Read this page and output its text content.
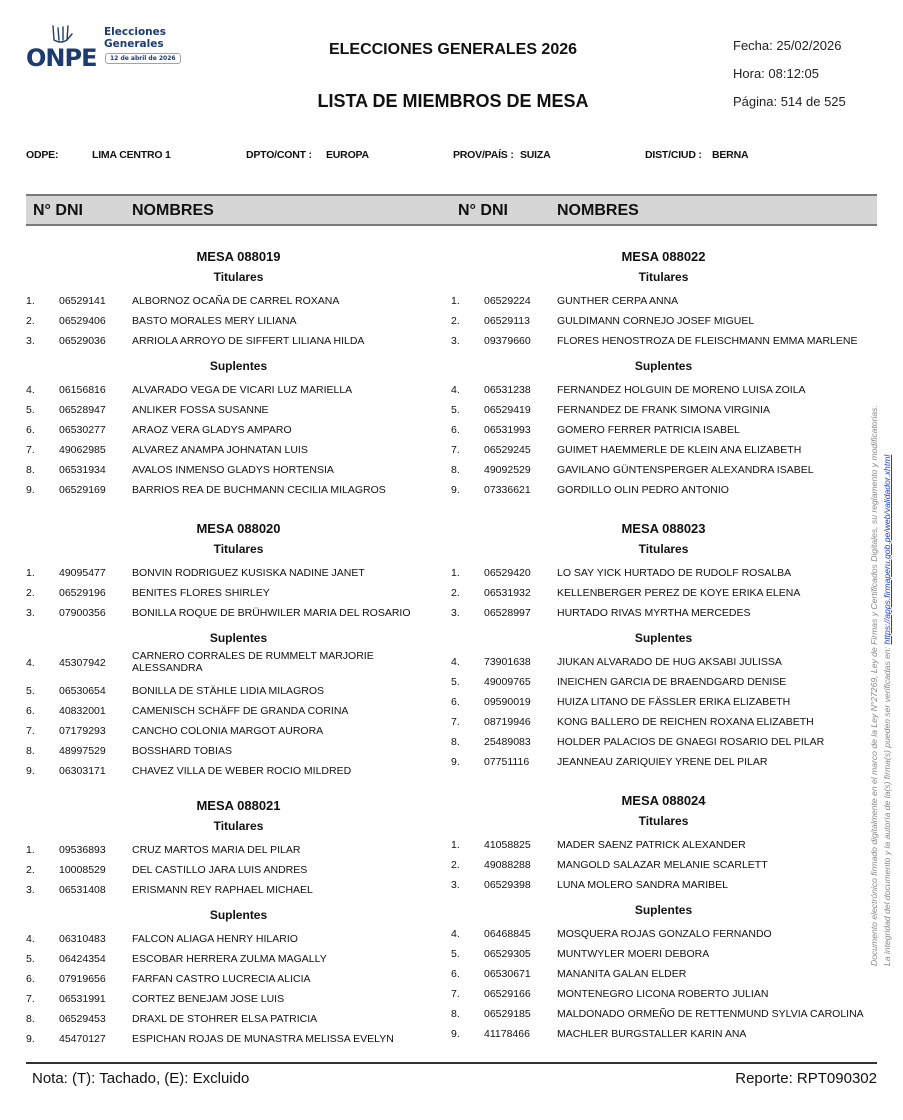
ONPE
Elecciones
Generales
12 de abril de 2026
ELECCIONES GENERALES 2026
LISTA DE MIEMBROS DE MESA
Fecha: 25/02/2026
Hora: 08:12:05
Página: 514 de 525
ODPE:	LIMA CENTRO 1	DPTO/CONT : EUROPA	PROV/PAÍS : SUIZA	DIST/CIUD : BERNA
N° DNI	NOMBRES	N° DNI	NOMBRES
MESA 088019
Titulares
1. 06529141	ALBORNOZ OCAÑA DE CARREL ROXANA
2. 06529406	BASTO MORALES MERY LILIANA
3. 06529036	ARRIOLA ARROYO DE SIFFERT LILIANA HILDA
Suplentes
4. 06156816	ALVARADO VEGA DE VICARI LUZ MARIELLA
5. 06528947	ANLIKER FOSSA SUSANNE
6. 06530277	ARAOZ VERA GLADYS AMPARO
7. 49062985	ALVAREZ ANAMPA JOHNATAN LUIS
8. 06531934	AVALOS INMENSO GLADYS HORTENSIA
9. 06529169	BARRIOS REA DE BUCHMANN CECILIA MILAGROS
MESA 088020
Titulares
1. 49095477	BONVIN RODRIGUEZ KUSISKA NADINE JANET
2. 06529196	BENITES FLORES SHIRLEY
3. 07900356	BONILLA ROQUE DE BRÜHWILER MARIA DEL ROSARIO
Suplentes
4. 45307942
CARNERO CORRALES DE RUMMELT MARJORIE ALESSANDRA
5. 06530654	BONILLA DE STÄHLE LIDIA MILAGROS
6. 40832001	CAMENISCH SCHÄFF DE GRANDA CORINA
7. 07179293	CANCHO COLONIA MARGOT AURORA
8. 48997529	BOSSHARD TOBIAS
9. 06303171	CHAVEZ VILLA DE WEBER ROCIO MILDRED
MESA 088021
Titulares
1. 09536893	CRUZ MARTOS MARIA DEL PILAR
2. 10008529	DEL CASTILLO JARA LUIS ANDRES
3. 06531408	ERISMANN REY RAPHAEL MICHAEL
Suplentes
4. 06310483	FALCON ALIAGA HENRY HILARIO
5. 06424354	ESCOBAR HERRERA ZULMA MAGALLY
6. 07919656	FARFAN CASTRO LUCRECIA ALICIA
7. 06531991	CORTEZ BENEJAM JOSE LUIS
8. 06529453	DRAXL DE STOHRER ELSA PATRICIA
9. 45470127	ESPICHAN ROJAS DE MUNASTRA MELISSA EVELYN
MESA 088022
Titulares
1. 06529224	GUNTHER CERPA ANNA
2. 06529113	GULDIMANN CORNEJO JOSEF MIGUEL
3. 09379660	FLORES HENOSTROZA DE FLEISCHMANN EMMA MARLENE
Suplentes
4. 06531238	FERNANDEZ HOLGUIN DE MORENO LUISA ZOILA
5. 06529419	FERNANDEZ DE FRANK SIMONA VIRGINIA
6. 06531993	GOMERO FERRER PATRICIA ISABEL
7. 06529245	GUIMET HAEMMERLE DE KLEIN ANA ELIZABETH
8. 49092529	GAVILANO GÜNTENSPERGER ALEXANDRA ISABEL
9. 07336621	GORDILLO OLIN PEDRO ANTONIO
MESA 088023
Titulares
1. 06529420	LO SAY YICK HURTADO DE RUDOLF ROSALBA
2. 06531932	KELLENBERGER PEREZ DE KOYE ERIKA ELENA
3. 06528997	HURTADO RIVAS MYRTHA MERCEDES
Suplentes
4. 73901638	JIUKAN ALVARADO DE HUG AKSABI JULISSA
5. 49009765	INEICHEN GARCIA DE BRAENDGARD DENISE
6. 09590019	HUIZA LITANO DE FÄSSLER ERIKA ELIZABETH
7. 08719946	KONG BALLERO DE REICHEN ROXANA ELIZABETH
8. 25489083	HOLDER PALACIOS DE GNAEGI ROSARIO DEL PILAR
9. 07751116	JEANNEAU ZARIQUIEY YRENE DEL PILAR
MESA 088024
Titulares
1. 41058825	MADER SAENZ PATRICK ALEXANDER
2. 49088288	MANGOLD SALAZAR MELANIE SCARLETT
3. 06529398	LUNA MOLERO SANDRA MARIBEL
Suplentes
4. 06468845	MOSQUERA ROJAS GONZALO FERNANDO
5. 06529305	MUNTWYLER MOERI DEBORA
6. 06530671	MANANITA GALAN ELDER
7. 06529166	MONTENEGRO LICONA ROBERTO JULIAN
8. 06529185	MALDONADO ORMEÑO DE RETTENMUND SYLVIA CAROLINA
9. 41178466	MACHLER BURGSTALLER KARIN ANA
Nota: (T): Tachado, (E): Excluido	Reporte: RPT090302
Documento electrónico firmado digitalmente en el marco de la Ley N°27269, Ley de Firmas y Certificados Digitales, su reglamento y modificatorias. La integridad del documento y la autoría de la(s) firma(s) pueden ser verificadas en: https://apps.firmaperu.gob.pe/web/validador.xhtml
